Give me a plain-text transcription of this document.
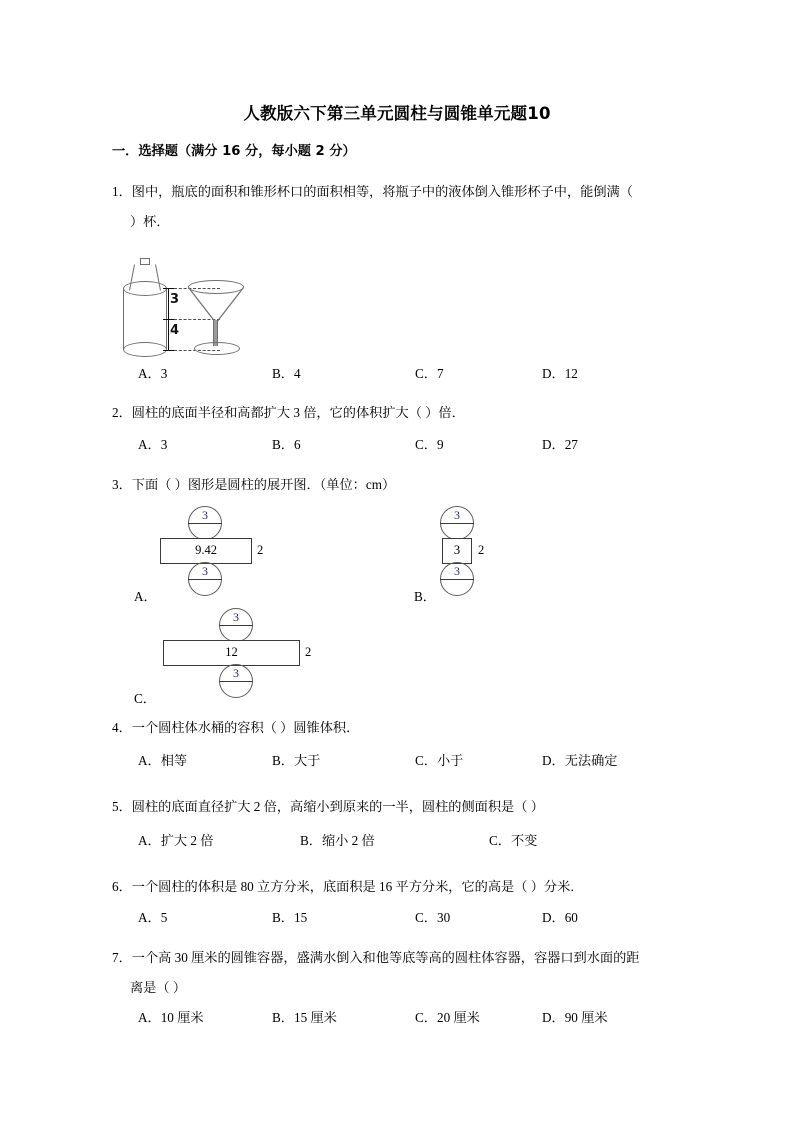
人教版六下第三单元圆柱与圆锥单元题10
一．选择题（满分 16 分，每小题 2 分）
1．图中，瓶底的面积和锥形杯口的面积相等，将瓶子中的液体倒入锥形杯子中，能倒满（
）杯．
3
4
A．3	B．4	C．7	D．12
2．圆柱的底面半径和高都扩大 3 倍，它的体积扩大（ ）倍．
A．3	B．6	C．9	D．27
3．下面（ ）图形是圆柱的展开图．（单位：cm）
3
9.42	2
3
A．
3
3	2
3
B．
3
12	2
3
C．
4．一个圆柱体水桶的容积（ ）圆锥体积．
A．相等	B．大于	C．小于	D．无法确定
5．圆柱的底面直径扩大 2 倍，高缩小到原来的一半，圆柱的侧面积是（ ）
A．扩大 2 倍	B．缩小 2 倍	C．不变
6．一个圆柱的体积是 80 立方分米，底面积是 16 平方分米，它的高是（ ）分米．
A．5	B．15	C．30	D．60
7．一个高 30 厘米的圆锥容器，盛满水倒入和他等底等高的圆柱体容器，容器口到水面的距
离是（ ）
A．10 厘米	B．15 厘米	C．20 厘米	D．90 厘米
